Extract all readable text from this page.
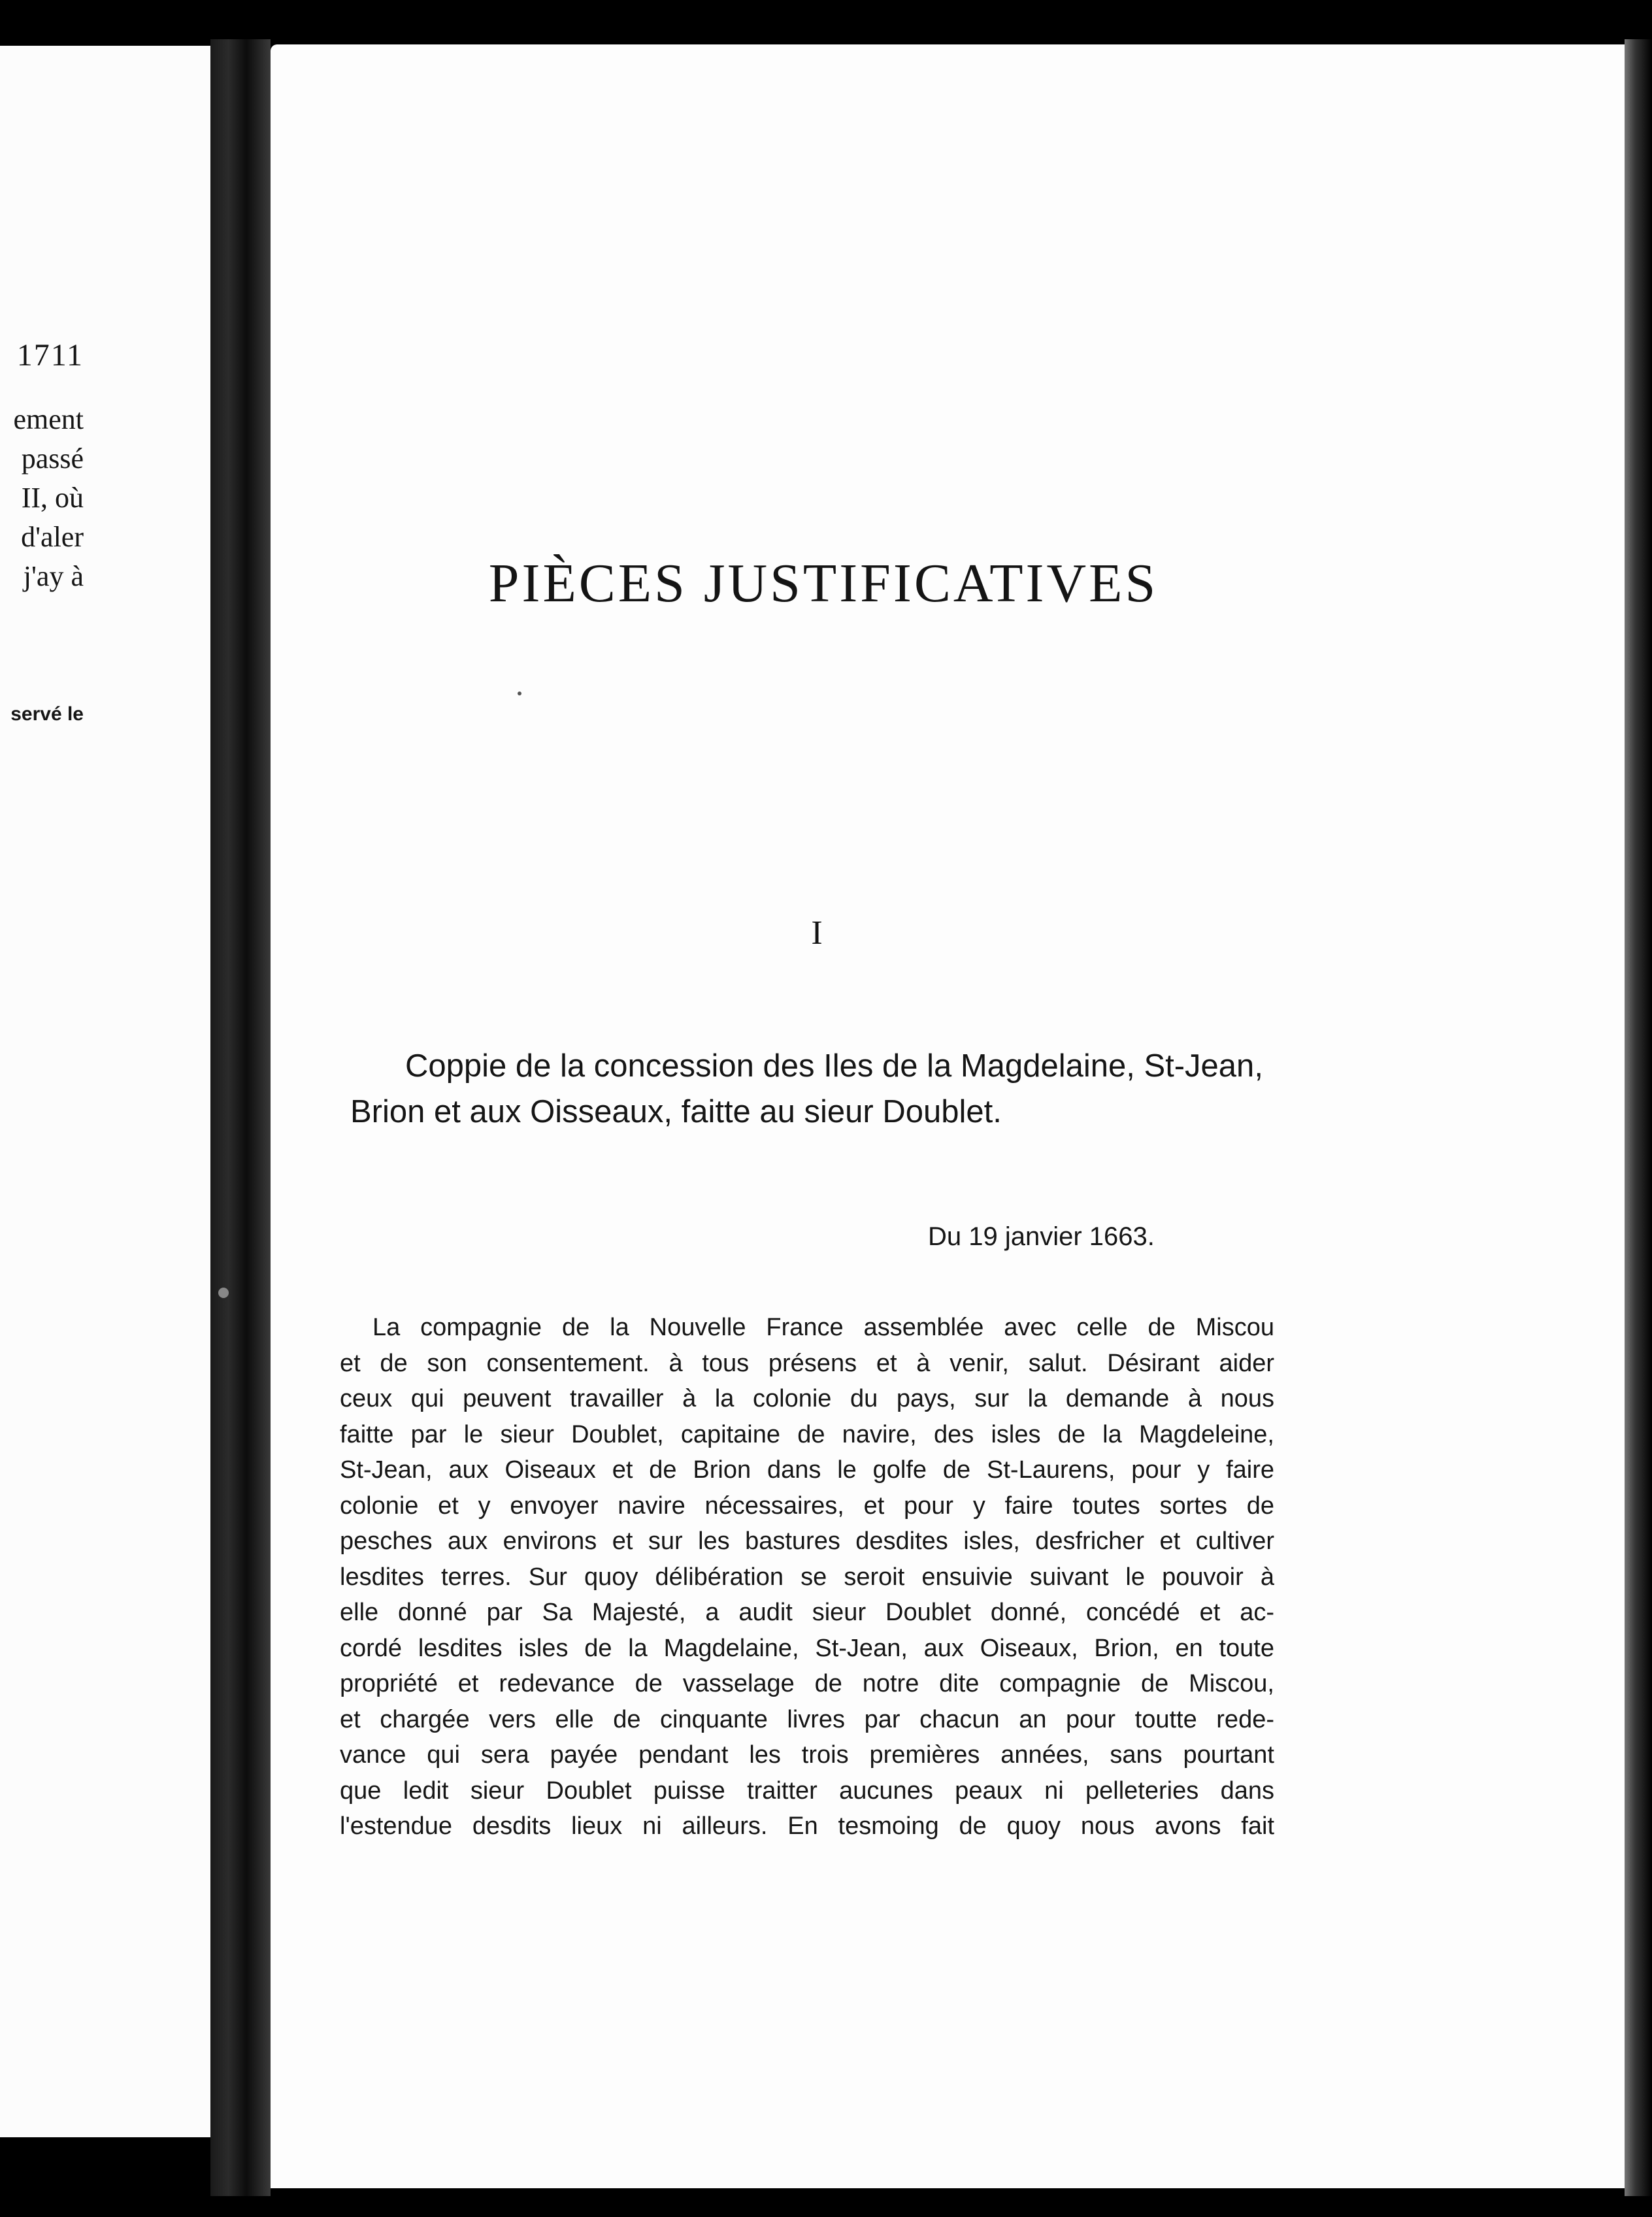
1711
ement
passé
II, où
d'aler
j'ay à
servé le
PIÈCES JUSTIFICATIVES
I
Coppie de la concession des Iles de la Magdelaine, St-Jean,
Brion et aux Oisseaux, faitte au sieur Doublet.
Du 19 janvier 1663.
La compagnie de la Nouvelle France assemblée avec celle de Miscou
et de son consentement. à tous présens et à venir, salut. Désirant aider
ceux qui peuvent travailler à la colonie du pays, sur la demande à nous
faitte par le sieur Doublet, capitaine de navire, des isles de la Magdeleine,
St-Jean, aux Oiseaux et de Brion dans le golfe de St-Laurens, pour y faire
colonie et y envoyer navire nécessaires, et pour y faire toutes sortes de
pesches aux environs et sur les bastures desdites isles, desfricher et cultiver
lesdites terres. Sur quoy délibération se seroit ensuivie suivant le pouvoir à
elle donné par Sa Majesté, a audit sieur Doublet donné, concédé et ac-
cordé lesdites isles de la Magdelaine, St-Jean, aux Oiseaux, Brion, en toute
propriété et redevance de vasselage de notre dite compagnie de Miscou,
et chargée vers elle de cinquante livres par chacun an pour toutte rede-
vance qui sera payée pendant les trois premières années, sans pourtant
que ledit sieur Doublet puisse traitter aucunes peaux ni pelleteries dans
l'estendue desdits lieux ni ailleurs. En tesmoing de quoy nous avons fait
